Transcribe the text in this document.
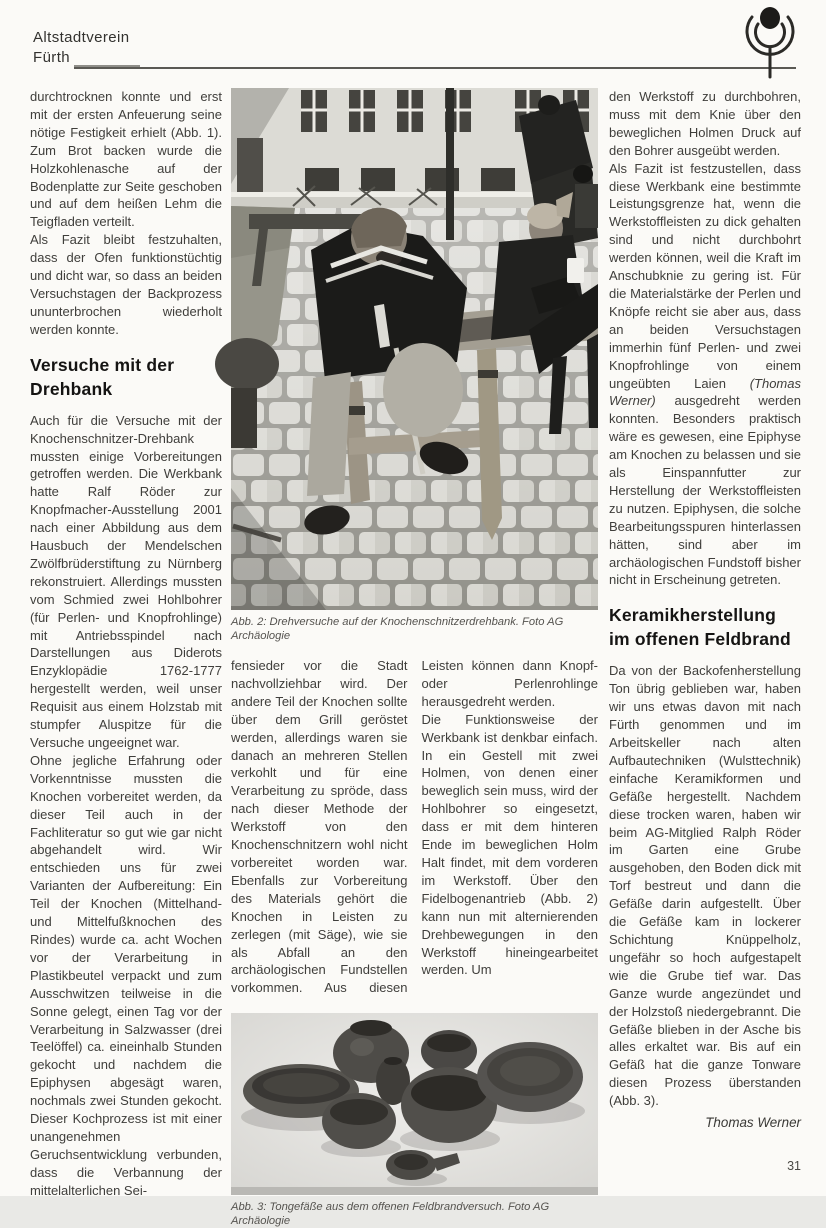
Altstadtverein
Fürth

durchtrocknen konnte und erst mit der ersten Anfeuerung seine nötige Festigkeit erhielt (Abb. 1). Zum Brot backen wurde die Holzkohlenasche auf der Bodenplatte zur Seite geschoben und auf dem heißen Lehm die Teigfladen verteilt.

Als Fazit bleibt festzuhalten, dass der Ofen funktionstüchtig und dicht war, so dass an beiden Versuchstagen der Backprozess ununterbrochen wiederholt werden konnte.

Versuche mit der Drehbank

Auch für die Versuche mit der Knochenschnitzer-Drehbank mussten einige Vorbereitungen getroffen werden. Die Werkbank hatte Ralf Röder zur Knopfmacher-Ausstellung 2001 nach einer Abbildung aus dem Hausbuch der Mendelschen Zwölfbrüderstiftung zu Nürnberg rekonstruiert. Allerdings mussten vom Schmied zwei Hohlbohrer (für Perlen- und Knopfrohlinge) mit Antriebsspindel nach Darstellungen aus Diderots Enzyklopädie 1762-1777 hergestellt werden, weil unser Requisit aus einem Holzstab mit stumpfer Aluspitze für die Versuche ungeeignet war.

Ohne jegliche Erfahrung oder Vorkenntnisse mussten die Knochen vorbereitet werden, da dieser Teil auch in der Fachliteratur so gut wie gar nicht abgehandelt wird. Wir entschieden uns für zwei Varianten der Aufbereitung: Ein Teil der Knochen (Mittelhand- und Mittelfußknochen des Rindes) wurde ca. acht Wochen vor der Verarbeitung in Plastikbeutel verpackt und zum Ausschwitzen teilweise in die Sonne gelegt, einen Tag vor der Verarbeitung in Salzwasser (drei Teelöffel) ca. eineinhalb Stunden gekocht und nachdem die Epiphysen abgesägt waren, nochmals zwei Stunden gekocht. Dieser Kochprozess ist mit einer unangenehmen Geruchsentwicklung verbunden, dass die Verbannung der mittelalterlichen Sei-

Abb. 2: Drehversuche auf der Knochenschnitzerdrehbank. Foto AG Archäologie

fensieder vor die Stadt nachvollziehbar wird. Der andere Teil der Knochen sollte über dem Grill geröstet werden, allerdings waren sie danach an mehreren Stellen verkohlt und für eine Verarbeitung zu spröde, dass nach dieser Methode der Werkstoff von den Knochenschnitzern wohl nicht vorbereitet worden war. Ebenfalls zur Vorbereitung des Materials gehört die Knochen in Leisten zu zerlegen (mit Säge), wie sie als Abfall an den archäologischen Fundstellen vorkommen. Aus diesen Leisten können dann Knopf- oder Perlenrohlinge herausgedreht werden.

Die Funktionsweise der Werkbank ist denkbar einfach. In ein Gestell mit zwei Holmen, von denen einer beweglich sein muss, wird der Hohlbohrer so eingesetzt, dass er mit dem hinteren Ende im beweglichen Holm Halt findet, mit dem vorderen im Werkstoff. Über den Fidelbogenantrieb (Abb. 2) kann nun mit alternierenden Drehbewegungen in den Werkstoff hineingearbeitet werden. Um

Abb. 3: Tongefäße aus dem offenen Feldbrandversuch. Foto AG Archäologie

den Werkstoff zu durchbohren, muss mit dem Knie über den beweglichen Holmen Druck auf den Bohrer ausgeübt werden.

Als Fazit ist festzustellen, dass diese Werkbank eine bestimmte Leistungsgrenze hat, wenn die Werkstoffleisten zu dick gehalten sind und nicht durchbohrt werden können, weil die Kraft im Anschubknie zu gering ist. Für die Materialstärke der Perlen und Knöpfe reicht sie aber aus, dass an beiden Versuchstagen immerhin fünf Perlen- und zwei Knopfrohlinge von einem ungeübten Laien (Thomas Werner) ausgedreht werden konnten. Besonders praktisch wäre es gewesen, eine Epiphyse am Knochen zu belassen und sie als Einspannfutter zur Herstellung der Werkstoffleisten zu nutzen. Epiphysen, die solche Bearbeitungsspuren hinterlassen hätten, sind aber im archäologischen Fundstoff bisher nicht in Erscheinung getreten.

Keramikherstellung im offenen Feldbrand

Da von der Backofenherstellung Ton übrig geblieben war, haben wir uns etwas davon mit nach Fürth genommen und im Arbeitskeller nach alten Aufbautechniken (Wulsttechnik) einfache Keramikformen und Gefäße hergestellt. Nachdem diese trocken waren, haben wir beim AG-Mitglied Ralph Röder im Garten eine Grube ausgehoben, den Boden dick mit Torf bestreut und dann die Gefäße darin aufgestellt. Über die Gefäße kam in lockerer Schichtung Knüppelholz, ungefähr so hoch aufgestapelt wie die Grube tief war. Das Ganze wurde angezündet und der Holzstoß niedergebrannt. Die Gefäße blieben in der Asche bis alles erkaltet war. Bis auf ein Gefäß hat die ganze Tonware diesen Prozess überstanden (Abb. 3).

Thomas Werner
31
